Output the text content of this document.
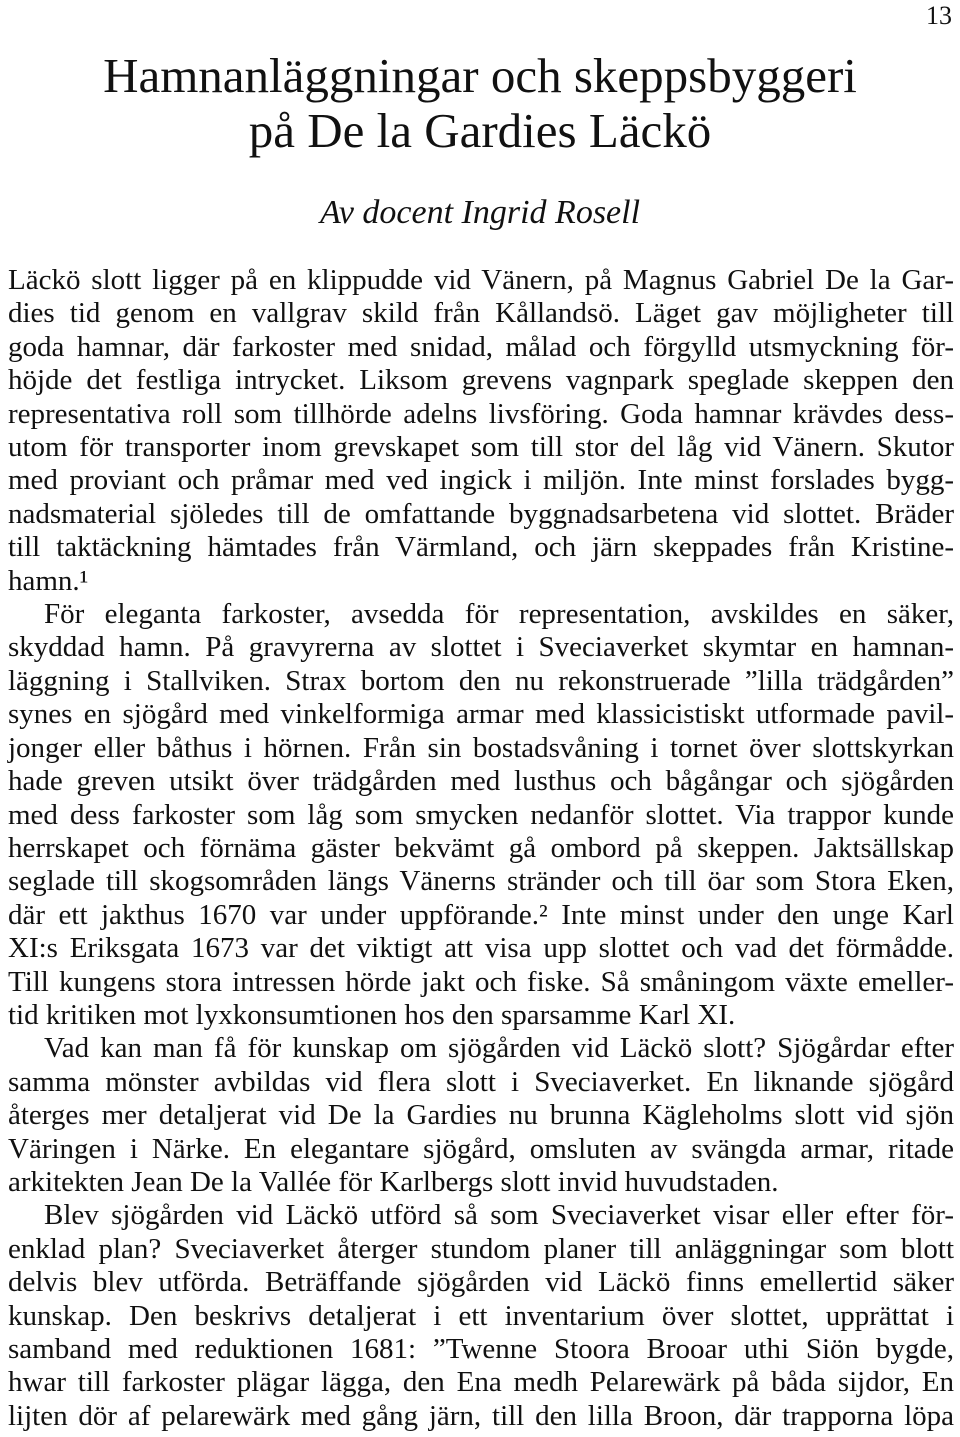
13
Hamnanläggningar och skeppsbyggeri
på De la Gardies Läckö
Av docent Ingrid Rosell
Läckö slott ligger på en klippudde vid Vänern, på Magnus Gabriel De la Gar-
dies tid genom en vallgrav skild från Kållandsö. Läget gav möjligheter till
goda hamnar, där farkoster med snidad, målad och förgylld utsmyckning för-
höjde det festliga intrycket. Liksom grevens vagnpark speglade skeppen den
representativa roll som tillhörde adelns livsföring. Goda hamnar krävdes dess-
utom för transporter inom grevskapet som till stor del låg vid Vänern. Skutor
med proviant och pråmar med ved ingick i miljön. Inte minst forslades bygg-
nadsmaterial sjöledes till de omfattande byggnadsarbetena vid slottet. Bräder
till taktäckning hämtades från Värmland, och järn skeppades från Kristine-
hamn.¹
För eleganta farkoster, avsedda för representation, avskildes en säker,
skyddad hamn. På gravyrerna av slottet i Sveciaverket skymtar en hamnan-
läggning i Stallviken. Strax bortom den nu rekonstruerade ”lilla trädgården”
synes en sjögård med vinkelformiga armar med klassicistiskt utformade pavil-
jonger eller båthus i hörnen. Från sin bostadsvåning i tornet över slottskyrkan
hade greven utsikt över trädgården med lusthus och bågångar och sjögården
med dess farkoster som låg som smycken nedanför slottet. Via trappor kunde
herrskapet och förnäma gäster bekvämt gå ombord på skeppen. Jaktsällskap
seglade till skogsområden längs Vänerns stränder och till öar som Stora Eken,
där ett jakthus 1670 var under uppförande.² Inte minst under den unge Karl
XI:s Eriksgata 1673 var det viktigt att visa upp slottet och vad det förmådde.
Till kungens stora intressen hörde jakt och fiske. Så småningom växte emeller-
tid kritiken mot lyxkonsumtionen hos den sparsamme Karl XI.
Vad kan man få för kunskap om sjögården vid Läckö slott? Sjögårdar efter
samma mönster avbildas vid flera slott i Sveciaverket. En liknande sjögård
återges mer detaljerat vid De la Gardies nu brunna Kägleholms slott vid sjön
Väringen i Närke. En elegantare sjögård, omsluten av svängda armar, ritade
arkitekten Jean De la Vallée för Karlbergs slott invid huvudstaden.
Blev sjögården vid Läckö utförd så som Sveciaverket visar eller efter för-
enklad plan? Sveciaverket återger stundom planer till anläggningar som blott
delvis blev utförda. Beträffande sjögården vid Läckö finns emellertid säker
kunskap. Den beskrivs detaljerat i ett inventarium över slottet, upprättat i
samband med reduktionen 1681: ”Twenne Stoora Brooar uthi Siön bygde,
hwar till farkoster plägar lägga, den Ena medh Pelarewärk på båda sijdor, En
lijten dör af pelarewärk med gång järn, till den lilla Broon, där trapporna löpa
